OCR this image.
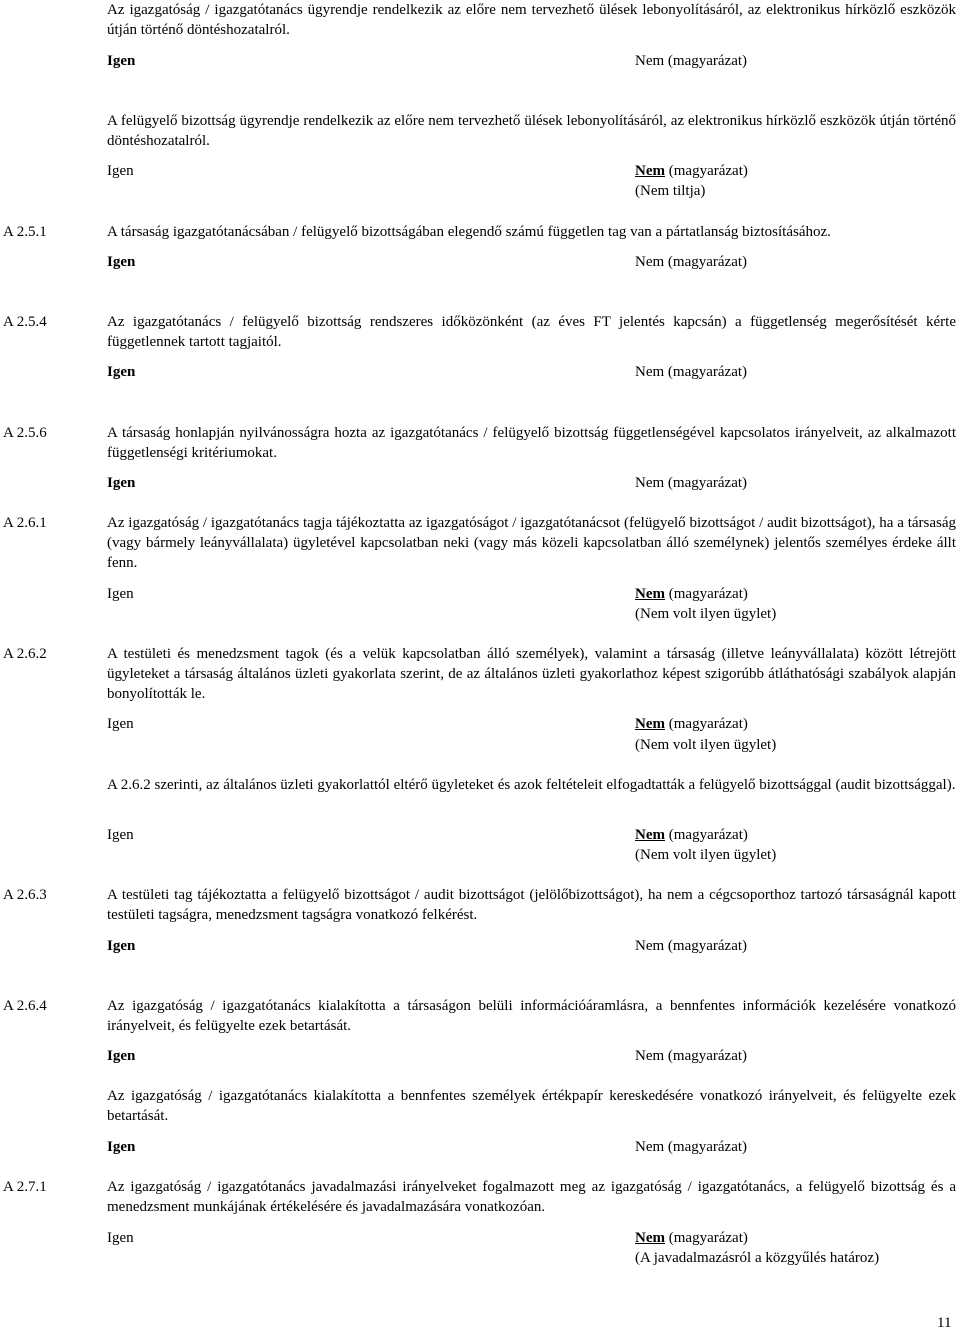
Az igazgatóság / igazgatótanács ügyrendje rendelkezik az előre nem tervezhető ülések lebonyolításáról, az elektronikus hírközlő eszközök útján történő döntéshozatalról.
Igen	Nem (magyarázat)
A felügyelő bizottság ügyrendje rendelkezik az előre nem tervezhető ülések lebonyolításáról, az elektronikus hírközlő eszközök útján történő döntéshozatalról.
Igen	Nem (magyarázat)
(Nem tiltja)
A 2.5.1	A társaság igazgatótanácsában / felügyelő bizottságában elegendő számú független tag van a pártatlanság biztosításához.
Igen	Nem (magyarázat)
A 2.5.4	Az igazgatótanács / felügyelő bizottság rendszeres időközönként (az éves FT jelentés kapcsán) a függetlenség megerősítését kérte függetlennek tartott tagjaitól.
Igen	Nem (magyarázat)
A 2.5.6	A társaság honlapján nyilvánosságra hozta az igazgatótanács / felügyelő bizottság függetlenségével kapcsolatos irányelveit, az alkalmazott függetlenségi kritériumokat.
Igen	Nem (magyarázat)
A 2.6.1	Az igazgatóság / igazgatótanács tagja tájékoztatta az igazgatóságot / igazgatótanácsot (felügyelő bizottságot / audit bizottságot), ha a társaság (vagy bármely leányvállalata) ügyletével kapcsolatban neki (vagy más közeli kapcsolatban álló személynek) jelentős személyes érdeke állt fenn.
Igen	Nem (magyarázat)
(Nem volt ilyen ügylet)
A 2.6.2	A testületi és menedzsment tagok (és a velük kapcsolatban álló személyek), valamint a társaság (illetve leányvállalata) között létrejött ügyleteket a társaság általános üzleti gyakorlata szerint, de az általános üzleti gyakorlathoz képest szigorúbb átláthatósági szabályok alapján bonyolították le.
Igen	Nem (magyarázat)
(Nem volt ilyen ügylet)
A 2.6.2 szerinti, az általános üzleti gyakorlattól eltérő ügyleteket és azok feltételeit elfogadtatták a felügyelő bizottsággal (audit bizottsággal).
Igen	Nem (magyarázat)
(Nem volt ilyen ügylet)
A 2.6.3	A testületi tag tájékoztatta a felügyelő bizottságot / audit bizottságot (jelölőbizottságot), ha nem a cégcsoporthoz tartozó társaságnál kapott testületi tagságra, menedzsment tagságra vonatkozó felkérést.
Igen	Nem (magyarázat)
A 2.6.4	Az igazgatóság / igazgatótanács kialakította a társaságon belüli információáramlásra, a bennfentes információk kezelésére vonatkozó irányelveit, és felügyelte ezek betartását.
Igen	Nem (magyarázat)
Az igazgatóság / igazgatótanács kialakította a bennfentes személyek értékpapír kereskedésére vonatkozó irányelveit, és felügyelte ezek betartását.
Igen	Nem (magyarázat)
A 2.7.1	Az igazgatóság / igazgatótanács javadalmazási irányelveket fogalmazott meg az igazgatóság / igazgatótanács, a felügyelő bizottság és a menedzsment munkájának értékelésére és javadalmazására vonatkozóan.
Igen	Nem (magyarázat)
(A javadalmazásról a közgyűlés határoz)
11
